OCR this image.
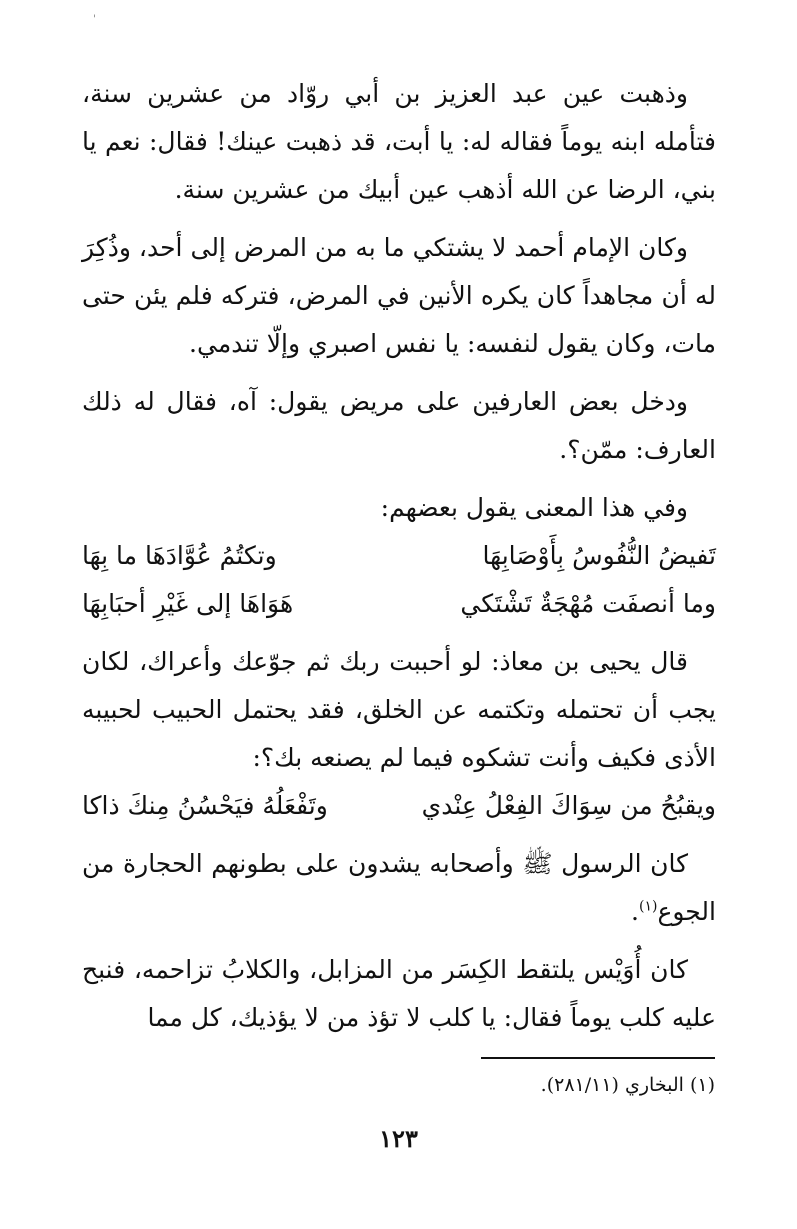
'

وذهبت عين عبد العزيز بن أبي روّاد من عشرين سنة، فتأمله ابنه يوماً فقاله له: يا أبت، قد ذهبت عينك! فقال: نعم يا بني، الرضا عن الله أذهب عين أبيك من عشرين سنة.

وكان الإمام أحمد لا يشتكي ما به من المرض إلى أحد، وذُكِرَ له أن مجاهداً كان يكره الأنين في المرض، فتركه فلم يئن حتى مات، وكان يقول لنفسه: يا نفس اصبري وإلّا تندمي.

ودخل بعض العارفين على مريض يقول: آه، فقال له ذلك العارف: ممّن؟.

وفي هذا المعنى يقول بعضهم:

تَفيضُ النُّفُوسُ بِأَوْصَابِهَا
وتكتُمُ عُوَّادَهَا ما بِهَا
وما أنصفَت مُهْجَةٌ تَشْتَكي
هَوَاهَا إلى غَيْرِ أحبَابِهَا

قال يحيى بن معاذ: لو أحببت ربك ثم جوّعك وأعراك، لكان يجب أن تحتمله وتكتمه عن الخلق، فقد يحتمل الحبيب لحبيبه الأذى فكيف وأنت تشكوه فيما لم يصنعه بك؟:

ويقبُحُ من سِوَاكَ الفِعْلُ عِنْدي
وتَفْعَلُهُ فيَحْسُنُ مِنكَ ذاكا

كان الرسول ﷺ وأصحابه يشدون على بطونهم الحجارة من الجوع$^{(١)}$.

كان أُوَيْس يلتقط الكِسَر من المزابل، والكلابُ تزاحمه، فنبح عليه كلب يوماً فقال: يا كلب لا تؤذ من لا يؤذيك، كل مما

(١) البخاري (٢٨١/١١).
١٢٣
